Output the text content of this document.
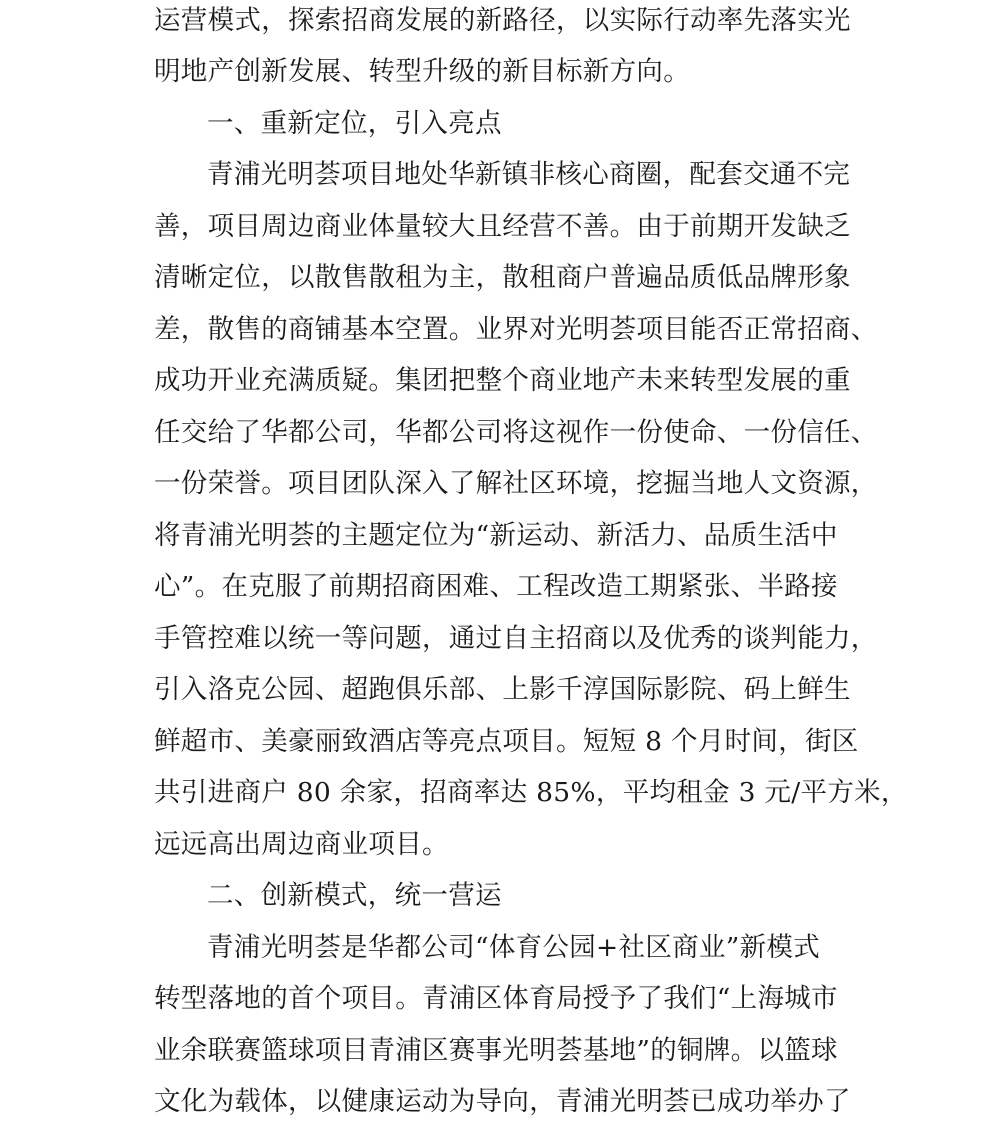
运营模式，探索招商发展的新路径，以实际行动率先落实光
明地产创新发展、转型升级的新目标新方向。
一、重新定位，引入亮点
青浦光明荟项目地处华新镇非核心商圈，配套交通不完
善，项目周边商业体量较大且经营不善。由于前期开发缺乏
清晰定位，以散售散租为主，散租商户普遍品质低品牌形象
差，散售的商铺基本空置。业界对光明荟项目能否正常招商、
成功开业充满质疑。集团把整个商业地产未来转型发展的重
任交给了华都公司，华都公司将这视作一份使命、一份信任、
一份荣誉。项目团队深入了解社区环境，挖掘当地人文资源，
将青浦光明荟的主题定位为“新运动、新活力、品质生活中
心”。在克服了前期招商困难、工程改造工期紧张、半路接
手管控难以统一等问题，通过自主招商以及优秀的谈判能力，
引入洛克公园、超跑俱乐部、上影千淳国际影院、码上鲜生
鲜超市、美豪丽致酒店等亮点项目。短短 8 个月时间，街区
共引进商户 80 余家，招商率达 85%，平均租金 3 元/平方米，
远远高出周边商业项目。
二、创新模式，统一营运
青浦光明荟是华都公司“体育公园+社区商业”新模式
转型落地的首个项目。青浦区体育局授予了我们“上海城市
业余联赛篮球项目青浦区赛事光明荟基地”的铜牌。以篮球
文化为载体，以健康运动为导向，青浦光明荟已成功举办了
